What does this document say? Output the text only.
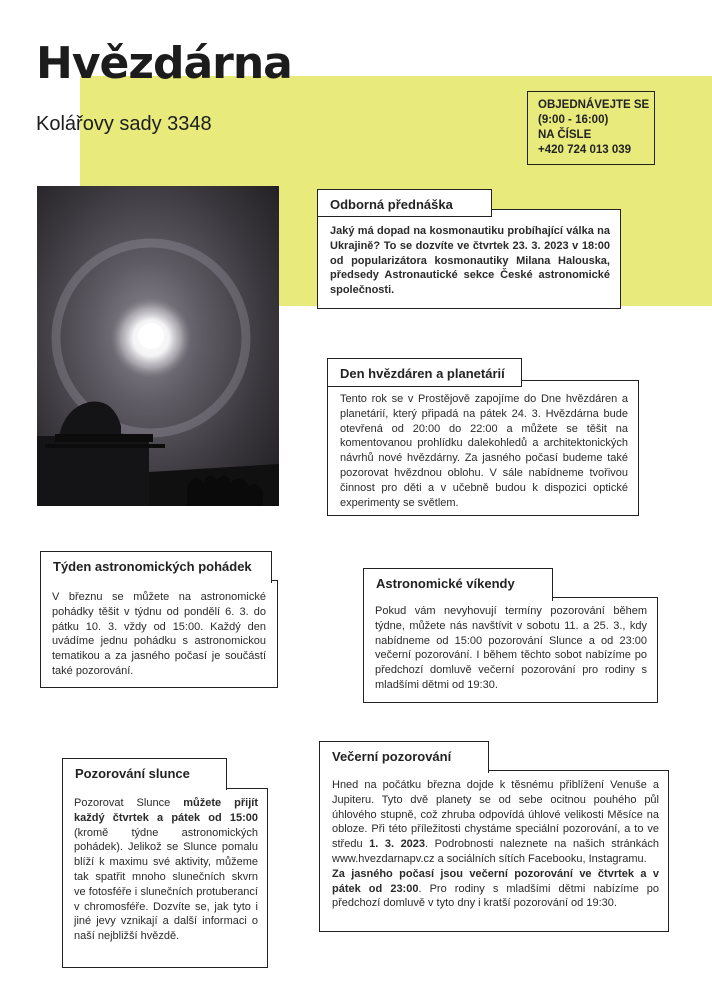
Hvězdárna
Kolářovy sady 3348
OBJEDNÁVEJTE SE
(9:00 - 16:00)
NA ČÍSLE
+420 724 013 039
Odborná přednáška
Jaký má dopad na kosmonautiku probíhající válka na Ukrajině? To se dozvíte ve čtvrtek 23. 3. 2023 v 18:00 od popularizátora kosmonautiky Milana Halouska, předsedy Astronautické sekce České astronomické společnosti.
Den hvězdáren a planetárií
Tento rok se v Prostějově zapojíme do Dne hvězdáren a planetárií, který připadá na pátek 24. 3. Hvězdárna bude otevřená od 20:00 do 22:00 a můžete se těšit na komentovanou prohlídku dalekohledů a architektonických návrhů nové hvězdárny. Za jasného počasí budeme také pozorovat hvězdnou oblohu. V sále nabídneme tvořivou činnost pro děti a v učebně budou k dispozici optické experimenty se světlem.
Týden astronomických pohádek
V březnu se můžete na astronomické pohádky těšit v týdnu od pondělí 6. 3. do pátku 10. 3. vždy od 15:00. Každý den uvádíme jednu pohádku s astronomickou tematikou a za jasného počasí je součástí také pozorování.
Astronomické víkendy
Pokud vám nevyhovují termíny pozorování během týdne, můžete nás navštívit v sobotu 11. a 25. 3., kdy nabídneme od 15:00 pozorování Slunce a od 23:00 večerní pozorování. I během těchto sobot nabízíme po předchozí domluvě večerní pozorování pro rodiny s mladšími dětmi od 19:30.
Pozorování slunce
Pozorovat Slunce můžete přijít každý čtvrtek a pátek od 15:00 (kromě týdne astronomických pohádek). Jelikož se Slunce pomalu blíží k maximu své aktivity, můžeme tak spatřit mnoho slunečních skvrn ve fotosféře i slunečních protuberancí v chromosféře. Dozvíte se, jak tyto i jiné jevy vznikají a další informaci o naší nejbližší hvězdě.
Večerní pozorování

Hned na počátku března dojde k těsnému přiblížení Venuše a Jupiteru. Tyto dvě planety se od sebe ocitnou pouhého půl úhlového stupně, což zhruba odpovídá úhlové velikosti Měsíce na obloze. Při této příležitosti chystáme speciální pozorování, a to ve středu 1. 3. 2023. Podrobnosti naleznete na našich stránkách www.hvezdarnapv.cz a sociálních sítích Facebooku, Instagramu.

Za jasného počasí jsou večerní pozorování ve čtvrtek a v pátek od 23:00. Pro rodiny s mladšími dětmi nabízíme po předchozí domluvě v tyto dny i kratší pozorování od 19:30.
